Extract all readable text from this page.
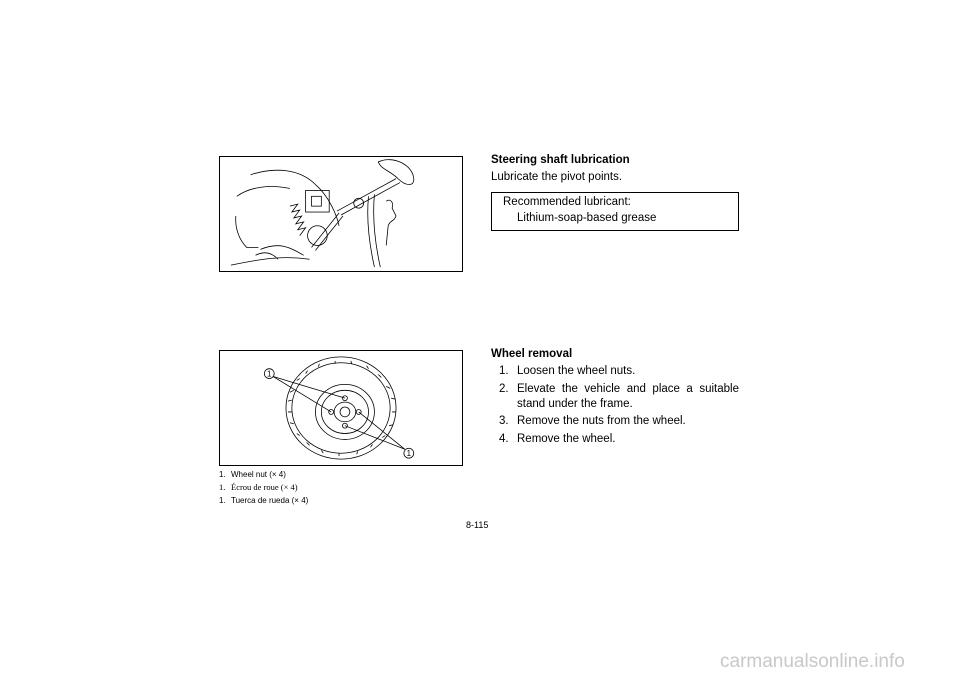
1
1
1. Wheel nut (× 4)
1. Écrou de roue (× 4)
1. Tuerca de rueda (× 4)
Steering shaft lubrication
Lubricate the pivot points.
Recommended lubricant:
Lithium-soap-based grease
Wheel removal
1. Loosen the wheel nuts.
2. Elevate the vehicle and place a suitable stand under the frame.
3. Remove the nuts from the wheel.
4. Remove the wheel.
8-115
carmanualsonline.info
